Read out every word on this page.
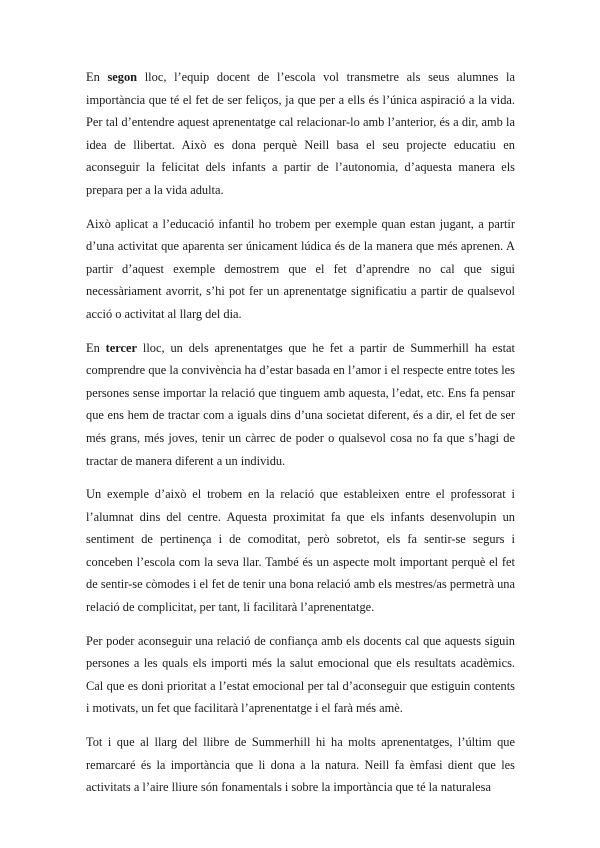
En segon lloc, l’equip docent de l’escola vol transmetre als seus alumnes la importància que té el fet de ser feliços, ja que per a ells és l’única aspiració a la vida. Per tal d’entendre aquest aprenentatge cal relacionar-lo amb l’anterior, és a dir, amb la idea de llibertat. Això es dona perquè Neill basa el seu projecte educatiu en aconseguir la felicitat dels infants a partir de l’autonomia, d’aquesta manera els prepara per a la vida adulta.

Això aplicat a l’educació infantil ho trobem per exemple quan estan jugant, a partir d’una activitat que aparenta ser únicament lúdica és de la manera que més aprenen. A partir d’aquest exemple demostrem que el fet d’aprendre no cal que sigui necessàriament avorrit, s’hi pot fer un aprenentatge significatiu a partir de qualsevol acció o activitat al llarg del dia.

En tercer lloc, un dels aprenentatges que he fet a partir de Summerhill ha estat comprendre que la convivència ha d’estar basada en l’amor i el respecte entre totes les persones sense importar la relació que tinguem amb aquesta, l’edat, etc. Ens fa pensar que ens hem de tractar com a iguals dins d’una societat diferent, és a dir, el fet de ser més grans, més joves, tenir un càrrec de poder o qualsevol cosa no fa que s’hagi de tractar de manera diferent a un individu.

Un exemple d’això el trobem en la relació que estableixen entre el professorat i l’alumnat dins del centre. Aquesta proximitat fa que els infants desenvolupin un sentiment de pertinença i de comoditat, però sobretot, els fa sentir-se segurs i conceben l’escola com la seva llar. També és un aspecte molt important perquè el fet de sentir-se còmodes i el fet de tenir una bona relació amb els mestres/as permetrà una relació de complicitat, per tant, li facilitarà l’aprenentatge.

Per poder aconseguir una relació de confiança amb els docents cal que aquests siguin persones a les quals els importi més la salut emocional que els resultats acadèmics. Cal que es doni prioritat a l’estat emocional per tal d’aconseguir que estiguin contents i motivats, un fet que facilitarà l’aprenentatge i el farà més amè.

Tot i que al llarg del llibre de Summerhill hi ha molts aprenentatges, l’últim que remarcaré és la importància que li dona a la natura. Neill fa èmfasi dient que les activitats a l’aire lliure són fonamentals i sobre la importància que té la naturalesa
